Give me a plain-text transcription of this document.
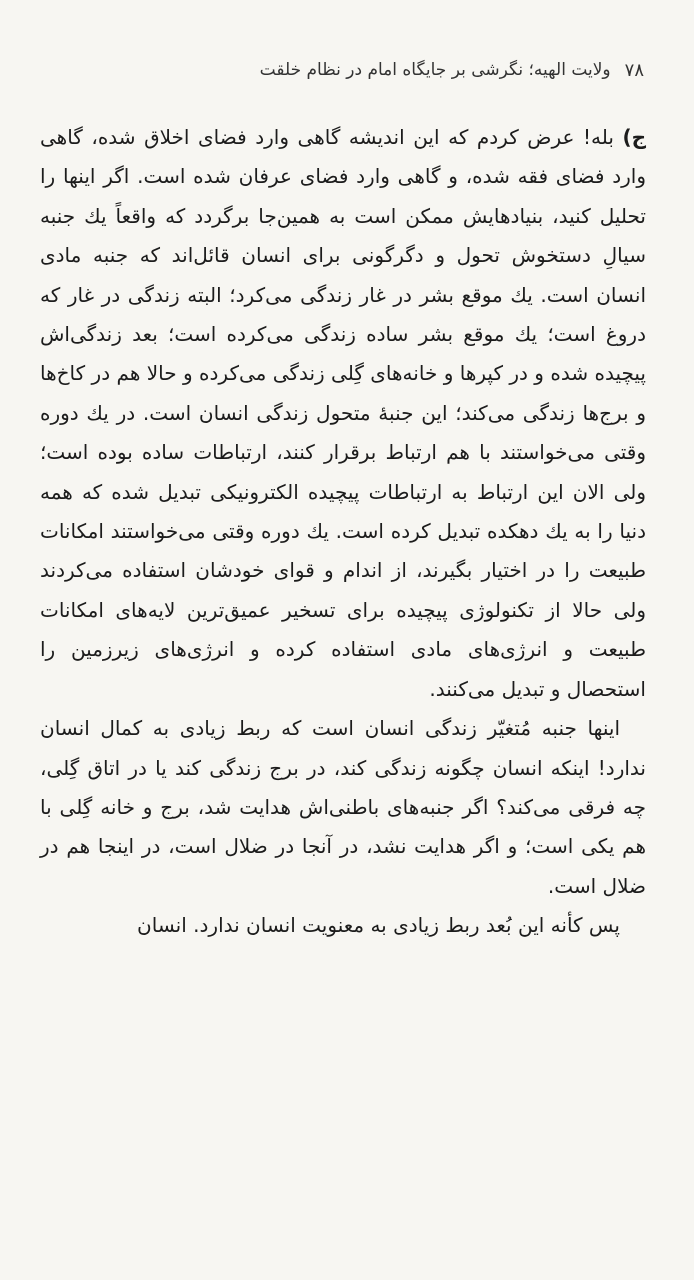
۷۸
ولایت الهیه؛ نگرشی بر جایگاه امام در نظام خلقت

ج) بله! عرض کردم که این اندیشه گاهی وارد فضای اخلاق شده، گاهی وارد فضای فقه شده، و گاهی وارد فضای عرفان شده است. اگر اینها را تحلیل کنید، بنیادهایش ممکن است به همین‌جا برگردد که واقعاً یك جنبه سیالِ دستخوش تحول و دگرگونی برای انسان قائل‌اند که جنبه مادی انسان است. یك موقع بشر در غار زندگی می‌کرد؛ البته زندگی در غار که دروغ است؛ یك موقع بشر ساده زندگی می‌کرده است؛ بعد زندگی‌اش پیچیده شده و در کپرها و خانه‌های گِلی زندگی می‌کرده و حالا هم در کاخ‌ها و برج‌ها زندگی می‌کند؛ این جنبهٔ متحول زندگی انسان است. در یك دوره وقتی می‌خواستند با هم ارتباط برقرار کنند، ارتباطات ساده بوده است؛ ولی الان این ارتباط به ارتباطات پیچیده الکترونیکی تبدیل شده که همه دنیا را به یك دهکده تبدیل کرده است. یك دوره وقتی می‌خواستند امکانات طبیعت را در اختیار بگیرند، از اندام و قوای خودشان استفاده می‌کردند ولی حالا از تکنولوژی پیچیده برای تسخیر عمیق‌ترین لایه‌های امکانات طبیعت و انرژی‌های مادی استفاده کرده و انرژی‌های زیرزمین را استحصال و تبدیل می‌کنند.

اینها جنبه مُتغیّر زندگی انسان است که ربط زیادی به کمال انسان ندارد! اینکه انسان چگونه زندگی کند، در برج زندگی کند یا در اتاق گِلی، چه فرقی می‌کند؟ اگر جنبه‌های باطنی‌اش هدایت شد، برج و خانه گِلی با هم یکی است؛ و اگر هدایت نشد، در آنجا در ضلال است، در اینجا هم در ضلال است.

پس کأنه این بُعد ربط زیادی به معنویت انسان ندارد. انسان
